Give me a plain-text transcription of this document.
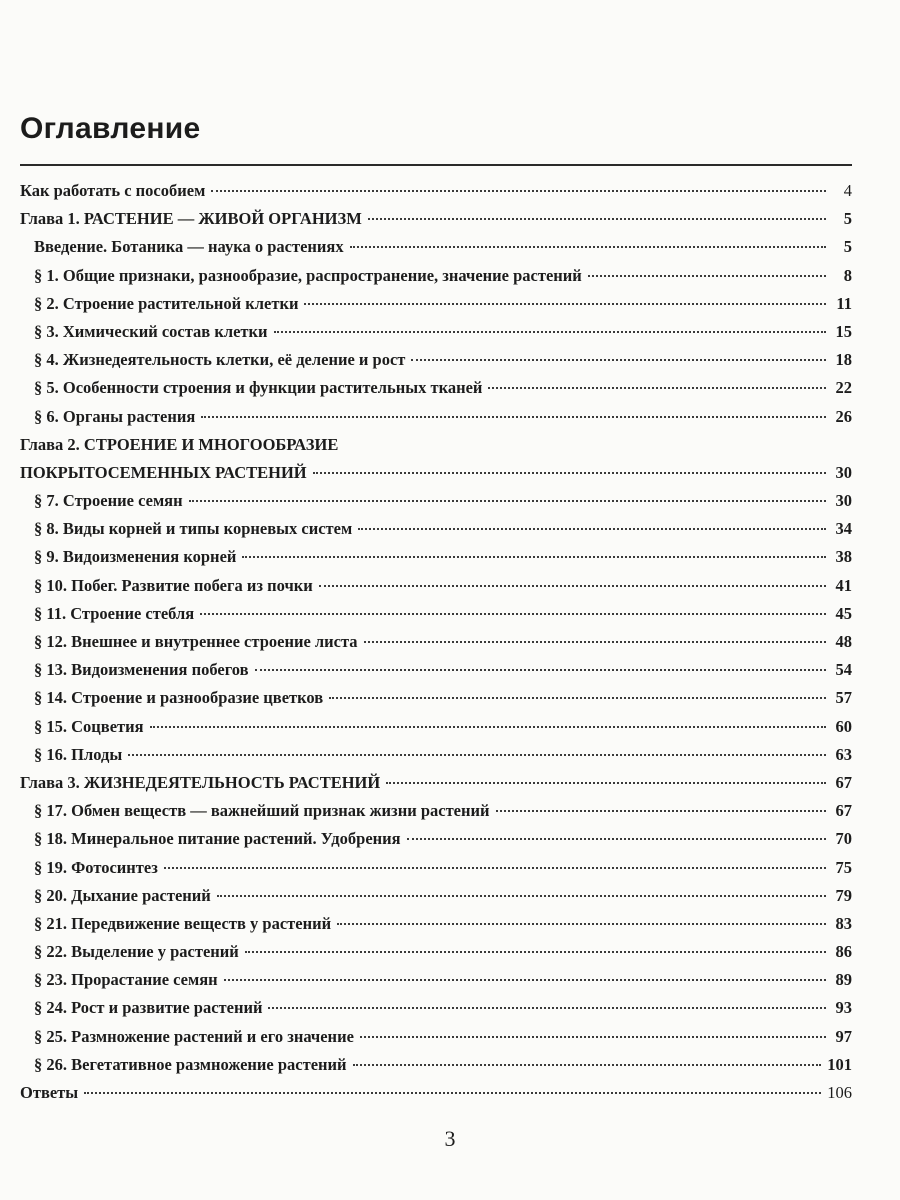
Оглавление
Как работать с пособием	4
Глава 1. РАСТЕНИЕ — ЖИВОЙ ОРГАНИЗМ	5
Введение. Ботаника — наука о растениях	5
§ 1. Общие признаки, разнообразие, распространение, значение растений	8
§ 2. Строение растительной клетки	11
§ 3. Химический состав клетки	15
§ 4. Жизнедеятельность клетки, её деление и рост	18
§ 5. Особенности строения и функции растительных тканей	22
§ 6. Органы растения	26
Глава 2. СТРОЕНИЕ И МНОГООБРАЗИЕ
ПОКРЫТОСЕМЕННЫХ РАСТЕНИЙ	30
§ 7. Строение семян	30
§ 8. Виды корней и типы корневых систем	34
§ 9. Видоизменения корней	38
§ 10. Побег. Развитие побега из почки	41
§ 11. Строение стебля	45
§ 12. Внешнее и внутреннее строение листа	48
§ 13. Видоизменения побегов	54
§ 14. Строение и разнообразие цветков	57
§ 15. Соцветия	60
§ 16. Плоды	63
Глава 3. ЖИЗНЕДЕЯТЕЛЬНОСТЬ РАСТЕНИЙ	67
§ 17. Обмен веществ — важнейший признак жизни растений	67
§ 18. Минеральное питание растений. Удобрения	70
§ 19. Фотосинтез	75
§ 20. Дыхание растений	79
§ 21. Передвижение веществ у растений	83
§ 22. Выделение у растений	86
§ 23. Прорастание семян	89
§ 24. Рост и развитие растений	93
§ 25. Размножение растений и его значение	97
§ 26. Вегетативное размножение растений	101
Ответы	106
3
